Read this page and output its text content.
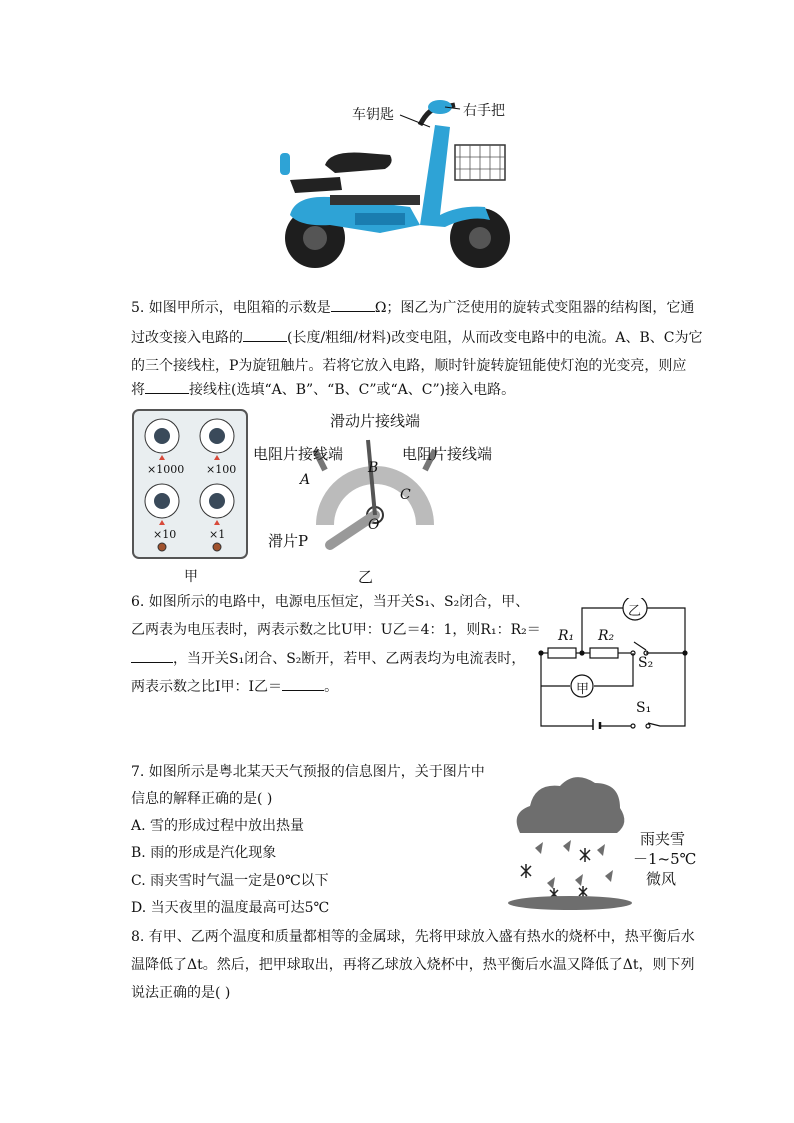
车钥匙	右手把
5. 如图甲所示，电阻箱的示数是	Ω；图乙为广泛使用的旋转式变阻器的结构图，它通
过改变接入电路的	(长度/粗细/材料)改变电阻，从而改变电路中的电流。A、B、C为它
的三个接线柱，P为旋钮触片。若将它放入电路，顺时针旋转旋钮能使灯泡的光变亮，则应
将	接线柱(选填“A、B”、“B、C”或“A、C”)接入电路。
×1000 ×100
×10	×1
甲
滑动片接线端
电阻片接线端	电阻片接线端
A
B
C
O
滑片P
乙
6. 如图所示的电路中，电源电压恒定，当开关S₁、S₂闭合，甲、
乙两表为电压表时，两表示数之比U甲：U乙＝4：1，则R₁：R₂＝
，当开关S₁闭合、S₂断开，若甲、乙两表均为电流表时，
两表示数之比I甲：I乙＝	。
乙
R₁ R₂
S₂
甲
S₁
7. 如图所示是粤北某天天气预报的信息图片，关于图片中
信息的解释正确的是( )
A. 雪的形成过程中放出热量
B. 雨的形成是汽化现象
C. 雨夹雪时气温一定是0℃以下
D. 当天夜里的温度最高可达5℃
雨夹雪
－1~5℃
微风
8. 有甲、乙两个温度和质量都相等的金属球，先将甲球放入盛有热水的烧杯中，热平衡后水
温降低了Δt。然后，把甲球取出，再将乙球放入烧杯中，热平衡后水温又降低了Δt，则下列
说法正确的是( )
